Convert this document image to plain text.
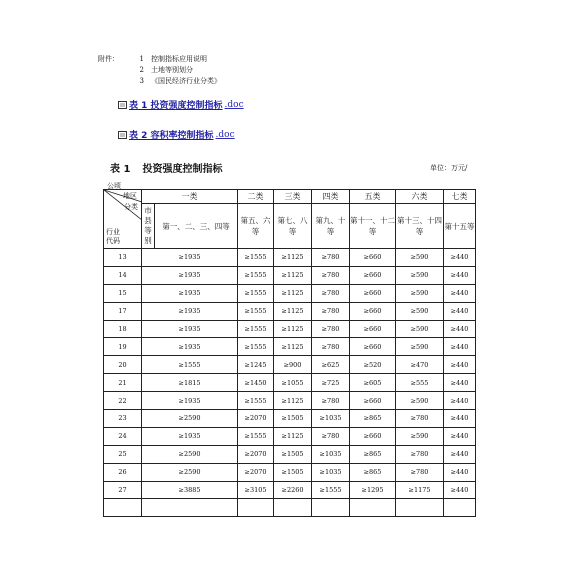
附件：	1 控制指标应用说明
2 土地等别划分
3 《国民经济行业分类》
表 1 投资强度控制指标 .doc
表 2 容积率控制指标 .doc
表 1 投资强度控制指标	单位：万元/
公顷
地区
分类
行业
代码	一类		二类	三类	四类	五类	六类	七类
	市县等别	第一、二、三、四等	第五、六等	第七、八等	第九、十等	第十一、十二等	第十三、十四等	第十五等
13	≥1935		≥1555	≥1125	≥780	≥660	≥590	≥440
14	≥1935		≥1555	≥1125	≥780	≥660	≥590	≥440
15	≥1935		≥1555	≥1125	≥780	≥660	≥590	≥440
17	≥1935		≥1555	≥1125	≥780	≥660	≥590	≥440
18	≥1935		≥1555	≥1125	≥780	≥660	≥590	≥440
19	≥1935		≥1555	≥1125	≥780	≥660	≥590	≥440
20	≥1555		≥1245	≥900	≥625	≥520	≥470	≥440
21	≥1815		≥1450	≥1055	≥725	≥605	≥555	≥440
22	≥1935		≥1555	≥1125	≥780	≥660	≥590	≥440
23	≥2590		≥2070	≥1505	≥1035	≥865	≥780	≥440
24	≥1935		≥1555	≥1125	≥780	≥660	≥590	≥440
25	≥2590		≥2070	≥1505	≥1035	≥865	≥780	≥440
26	≥2590		≥2070	≥1505	≥1035	≥865	≥780	≥440
27	≥3885		≥3105	≥2260	≥1555	≥1295	≥1175	≥440
